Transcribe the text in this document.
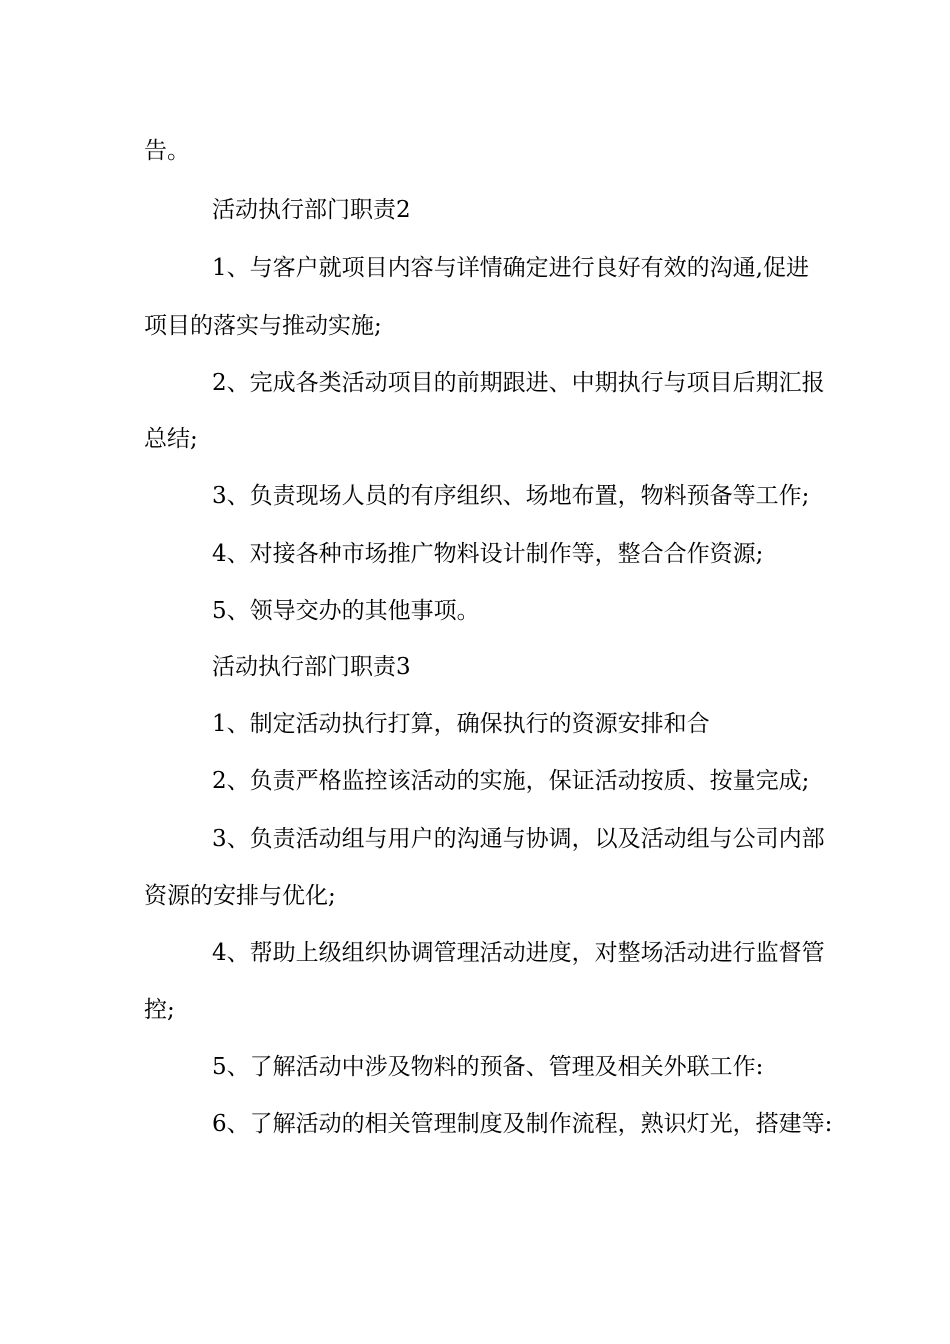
告。
活动执行部门职责2
1、与客户就项目内容与详情确定进行良好有效的沟通,促进
项目的落实与推动实施;
2、完成各类活动项目的前期跟进、中期执行与项目后期汇报
总结;
3、负责现场人员的有序组织、场地布置，物料预备等工作;
4、对接各种市场推广物料设计制作等，整合合作资源;
5、领导交办的其他事项。
活动执行部门职责3
1、制定活动执行打算，确保执行的资源安排和合
2、负责严格监控该活动的实施，保证活动按质、按量完成;
3、负责活动组与用户的沟通与协调，以及活动组与公司内部
资源的安排与优化;
4、帮助上级组织协调管理活动进度，对整场活动进行监督管
控;
5、了解活动中涉及物料的预备、管理及相关外联工作:
6、了解活动的相关管理制度及制作流程，熟识灯光，搭建等:
